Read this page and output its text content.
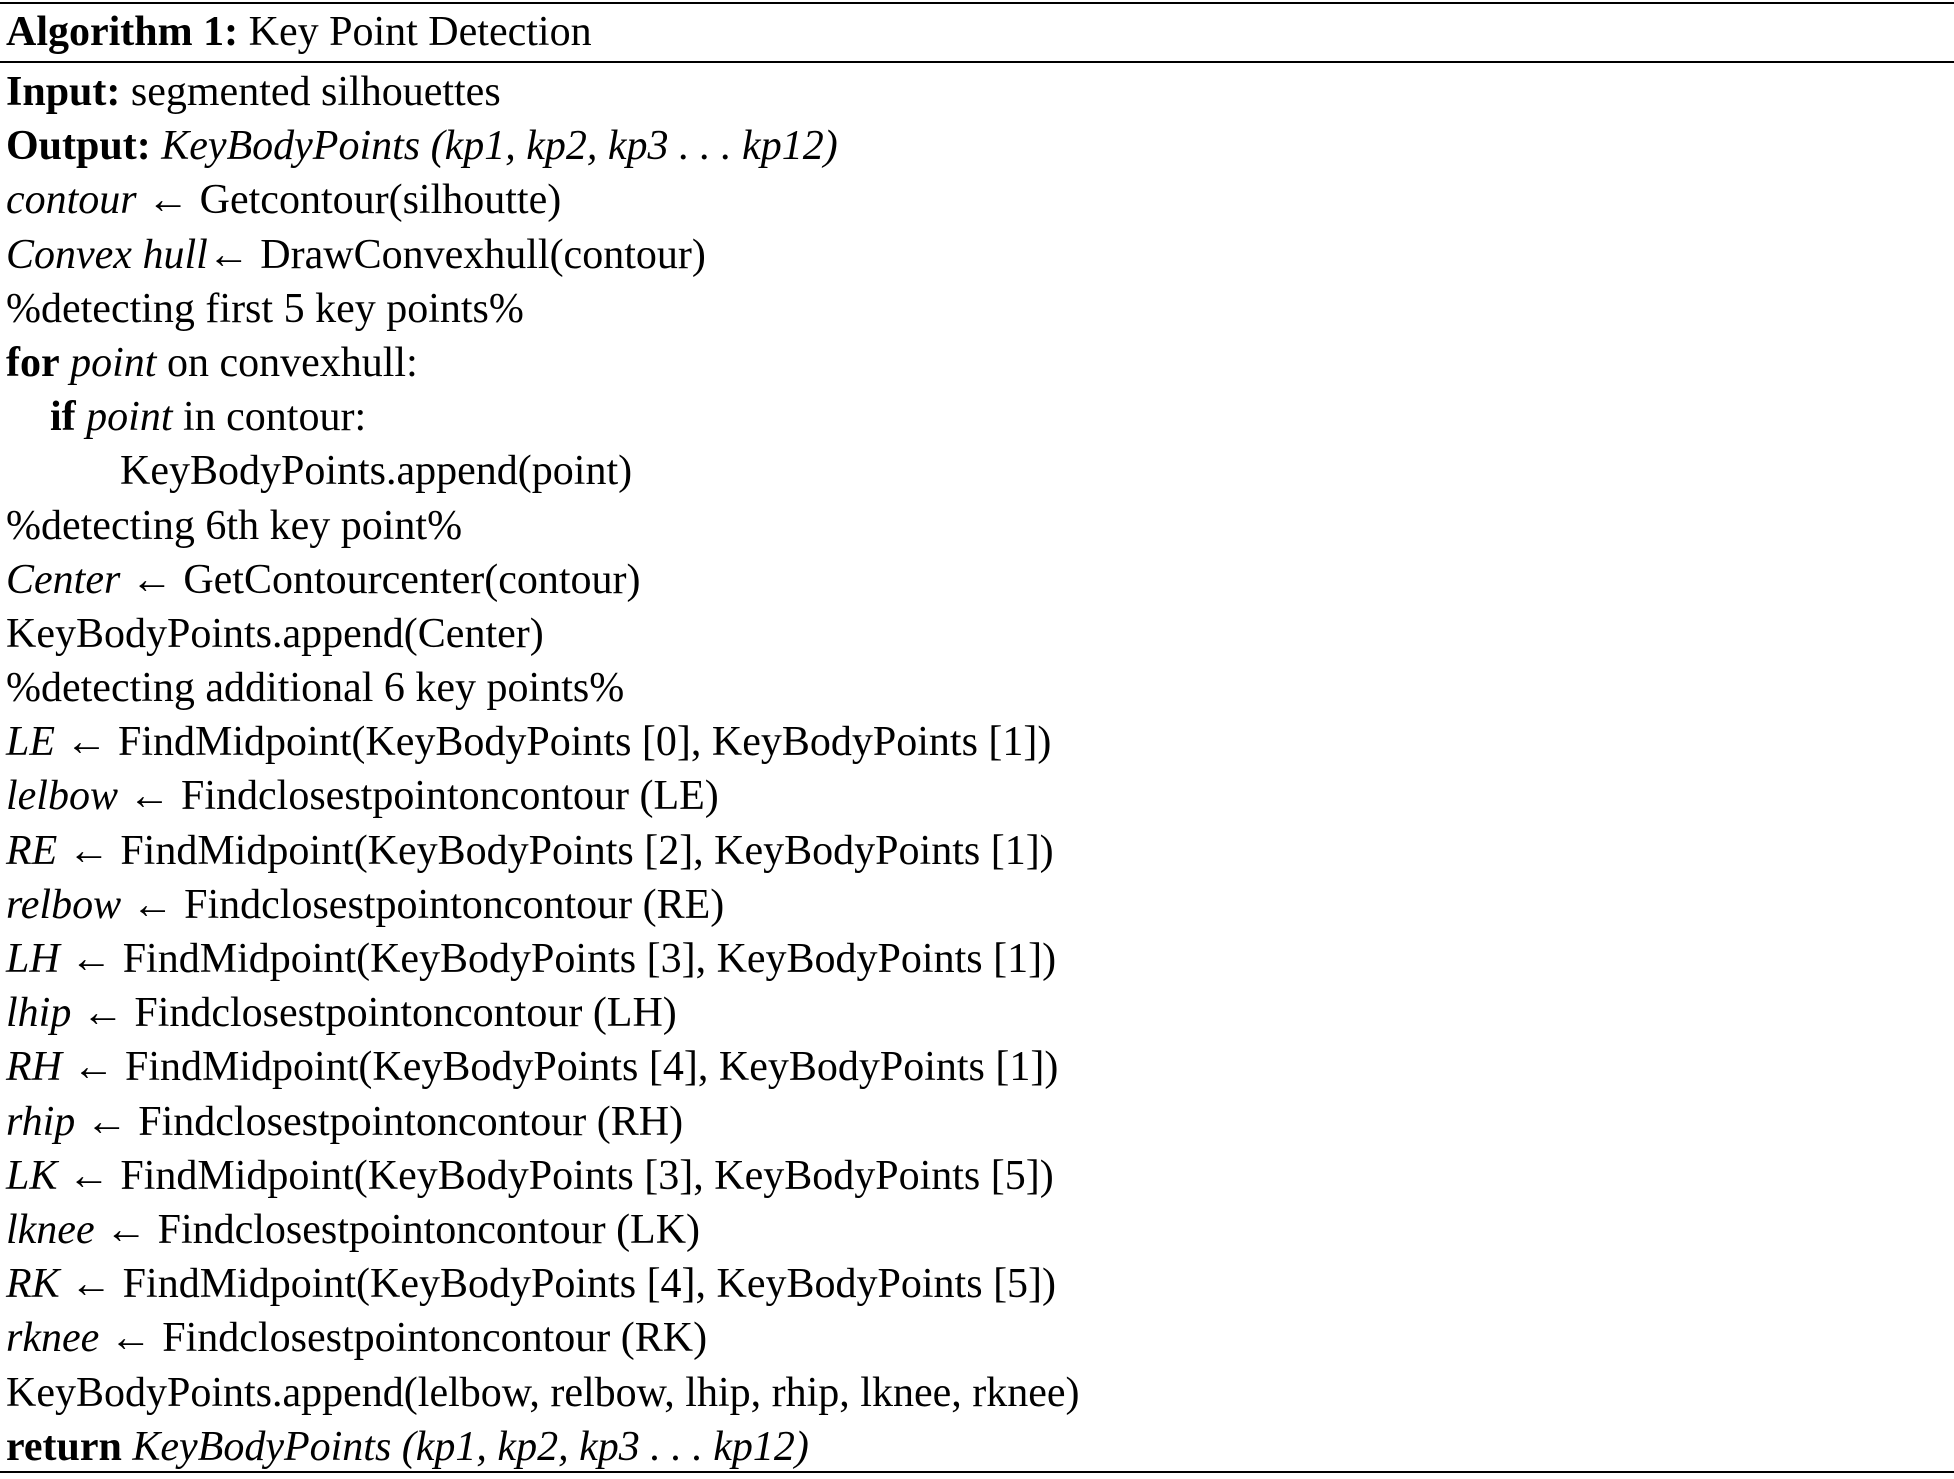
Algorithm 1: Key Point Detection
Input: segmented silhouettes
Output: KeyBodyPoints (kp1, kp2, kp3 . . . kp12)
contour ← Getcontour(silhoutte)
Convex hull← DrawConvexhull(contour)
%detecting first 5 key points%
for point on convexhull:
if point in contour:
KeyBodyPoints.append(point)
%detecting 6th key point%
Center ← GetContourcenter(contour)
KeyBodyPoints.append(Center)
%detecting additional 6 key points%
LE ← FindMidpoint(KeyBodyPoints [0], KeyBodyPoints [1])
lelbow ← Findclosestpointoncontour (LE)
RE ← FindMidpoint(KeyBodyPoints [2], KeyBodyPoints [1])
relbow ← Findclosestpointoncontour (RE)
LH ← FindMidpoint(KeyBodyPoints [3], KeyBodyPoints [1])
lhip ← Findclosestpointoncontour (LH)
RH ← FindMidpoint(KeyBodyPoints [4], KeyBodyPoints [1])
rhip ← Findclosestpointoncontour (RH)
LK ← FindMidpoint(KeyBodyPoints [3], KeyBodyPoints [5])
lknee ← Findclosestpointoncontour (LK)
RK ← FindMidpoint(KeyBodyPoints [4], KeyBodyPoints [5])
rknee ← Findclosestpointoncontour (RK)
KeyBodyPoints.append(lelbow, relbow, lhip, rhip, lknee, rknee)
return KeyBodyPoints (kp1, kp2, kp3 . . . kp12)
